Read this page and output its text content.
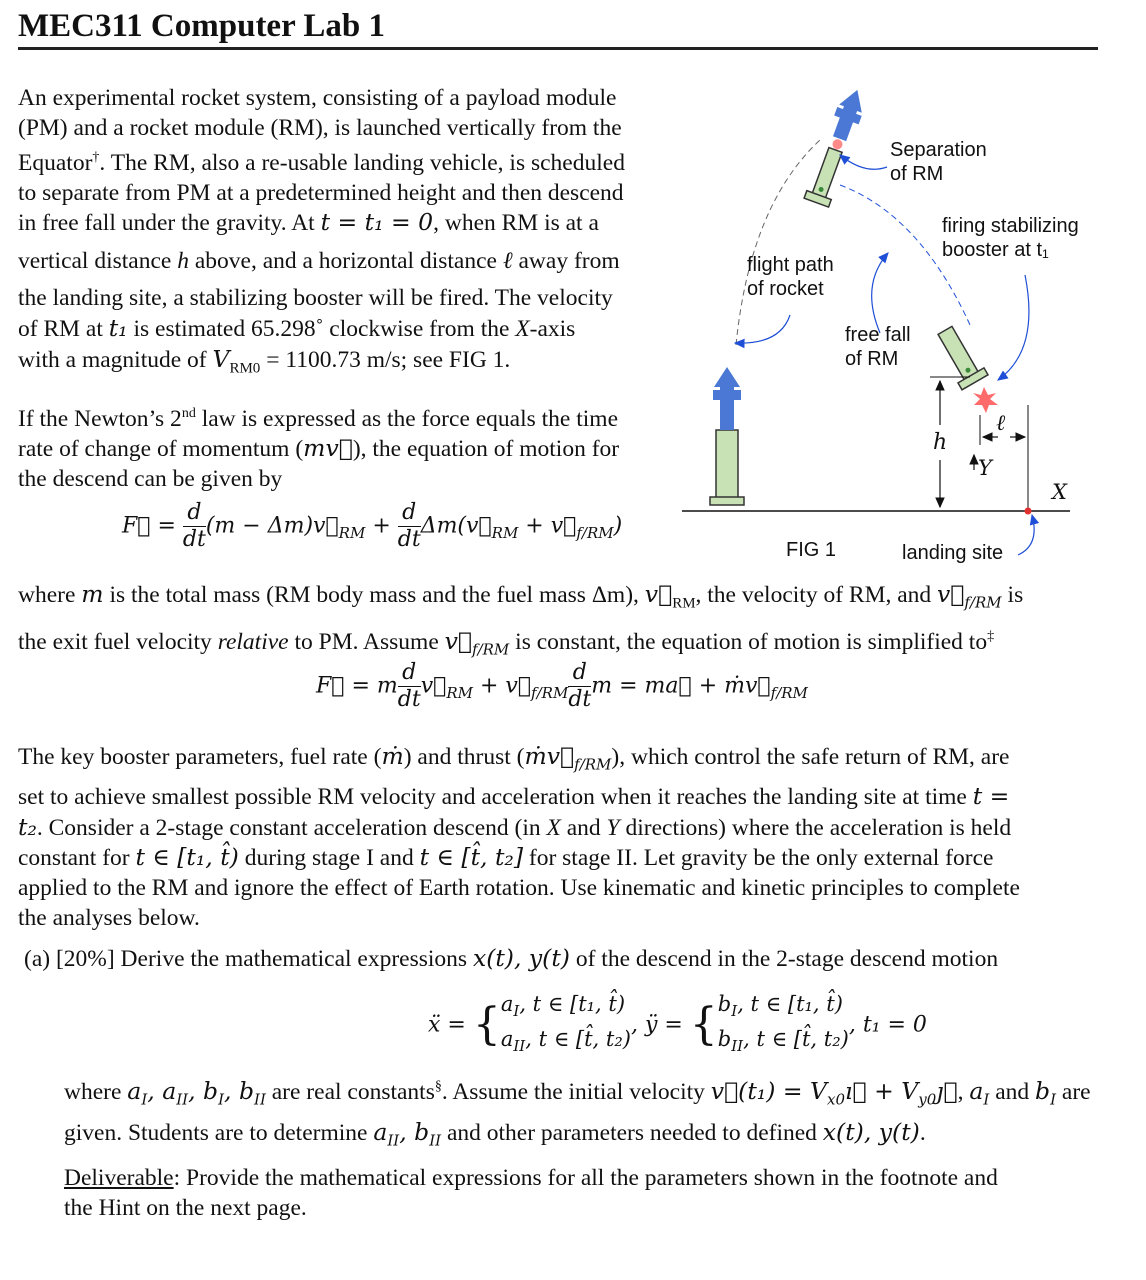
MEC311 Computer Lab 1
An experimental rocket system, consisting of a payload module
(PM) and a rocket module (RM), is launched vertically from the
Equator†. The RM, also a re-usable landing vehicle, is scheduled
to separate from PM at a predetermined height and then descend
in free fall under the gravity. At t = t₁ = 0, when RM is at a
vertical distance h above, and a horizontal distance ℓ away from
the landing site, a stabilizing booster will be fired. The velocity
of RM at t₁ is estimated 65.298˚ clockwise from the X-axis
with a magnitude of $V_{RM0} = 1100.73$ m/s; see FIG 1.
If the Newton’s 2nd law is expressed as the force equals the time
rate of change of momentum (mv⃗), the equation of motion for
the descend can be given by
F⃗ = $\frac{d}{dt} (m$ − $\Delta m)v⃗_{RM} + \frac{d}{dt}$ $\Delta m(v⃗_{RM}$ + $v⃗_{f/RM}$)
Separation
of RM
firing stabilizing
booster at t₁
flight path
of rocket
free fall
of RM
h
ℓ
Y
X
FIG 1	landing site
where m is the total mass (RM body mass and the fuel mass Δm), $v⃗_{RM}$, the velocity of RM, and $v⃗_{f/RM}$ is
the exit fuel velocity relative to PM. Assume $v⃗_{f/RM}$ is constant, the equation of motion is simplified to‡
F⃗ = m $\frac{d}{dt}$ $v⃗_{RM}$ + $v⃗_{f/RM} \frac{d}{dt}$ m = ma⃗ + $ṁv⃗_{f/RM}$
The key booster parameters, fuel rate (ṁ) and thrust $(ṁv⃗_{f/RM})$, which control the safe return of RM, are
set to achieve smallest possible RM velocity and acceleration when it reaches the landing site at time t =
t₂. Consider a 2-stage constant acceleration descend (in X and Y directions) where the acceleration is held
constant for t ∈ [t₁, t̂) during stage I and t ∈ [t̂, t₂] for stage II. Let gravity be the only external force
applied to the RM and ignore the effect of Earth rotation. Use kinematic and kinetic principles to complete
the analyses below.
(a) [20%] Derive the mathematical expressions x(t), y(t) of the descend in the 2-stage descend motion
ẍ = { $a_I$, t ∈ [t₁, t̂)
$a_{II}$, t ∈ [t̂, t₂)
, ÿ = { $b_I$, t ∈ [t₁, t̂)
$b_{II}$, t ∈ [t̂, t₂)
, t₁ = 0
where $a_I$, $a_{II}$, $b_I$, $b_{II}$ are real constants§. Assume the initial velocity v⃗(t₁) = $V_{x0}ı⃗$ + $V_{y0}ȷ⃗$, $a_I$ and $b_I$ are
given. Students are to determine $a_{II}$, $b_{II}$ and other parameters needed to defined x(t), y(t).
Deliverable: Provide the mathematical expressions for all the parameters shown in the footnote and
the Hint on the next page.
